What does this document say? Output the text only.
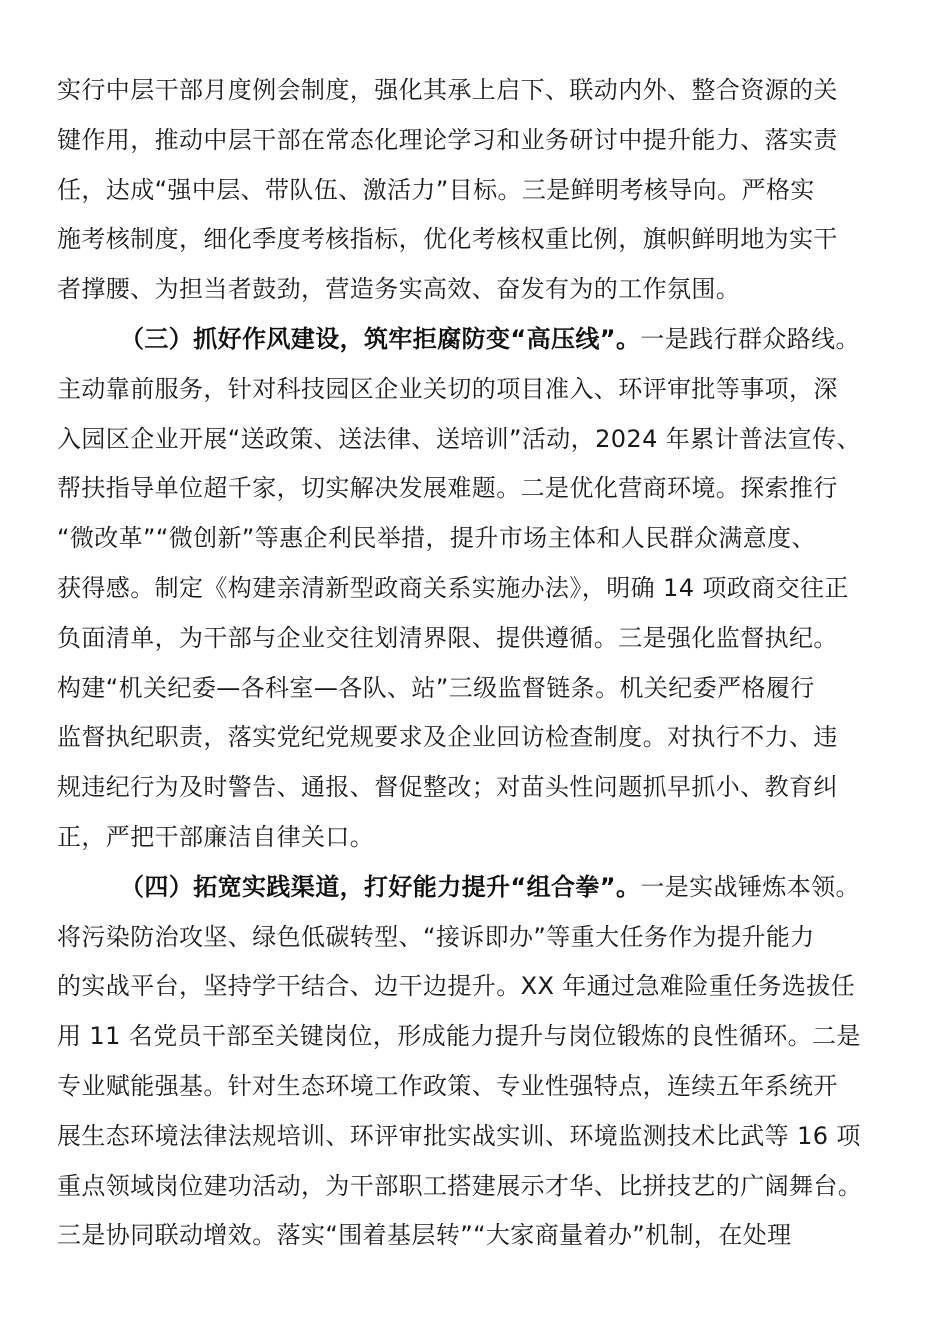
实行中层干部月度例会制度，强化其承上启下、联动内外、整合资源的关
键作用，推动中层干部在常态化理论学习和业务研讨中提升能力、落实责
任，达成“强中层、带队伍、激活力”目标。三是鲜明考核导向。严格实
施考核制度，细化季度考核指标，优化考核权重比例，旗帜鲜明地为实干
者撑腰、为担当者鼓劲，营造务实高效、奋发有为的工作氛围。
（三）抓好作风建设，筑牢拒腐防变“高压线”。一是践行群众路线。
主动靠前服务，针对科技园区企业关切的项目准入、环评审批等事项，深
入园区企业开展“送政策、送法律、送培训”活动，2024 年累计普法宣传、
帮扶指导单位超千家，切实解决发展难题。二是优化营商环境。探索推行
“微改革”“微创新”等惠企利民举措，提升市场主体和人民群众满意度、
获得感。制定《构建亲清新型政商关系实施办法》，明确 14 项政商交往正
负面清单，为干部与企业交往划清界限、提供遵循。三是强化监督执纪。
构建“机关纪委—各科室—各队、站”三级监督链条。机关纪委严格履行
监督执纪职责，落实党纪党规要求及企业回访检查制度。对执行不力、违
规违纪行为及时警告、通报、督促整改；对苗头性问题抓早抓小、教育纠
正，严把干部廉洁自律关口。
（四）拓宽实践渠道，打好能力提升“组合拳”。一是实战锤炼本领。
将污染防治攻坚、绿色低碳转型、“接诉即办”等重大任务作为提升能力
的实战平台，坚持学干结合、边干边提升。XX 年通过急难险重任务选拔任
用 11 名党员干部至关键岗位，形成能力提升与岗位锻炼的良性循环。二是
专业赋能强基。针对生态环境工作政策、专业性强特点，连续五年系统开
展生态环境法律法规培训、环评审批实战实训、环境监测技术比武等 16 项
重点领域岗位建功活动，为干部职工搭建展示才华、比拼技艺的广阔舞台。
三是协同联动增效。落实“围着基层转”“大家商量着办”机制，在处理
